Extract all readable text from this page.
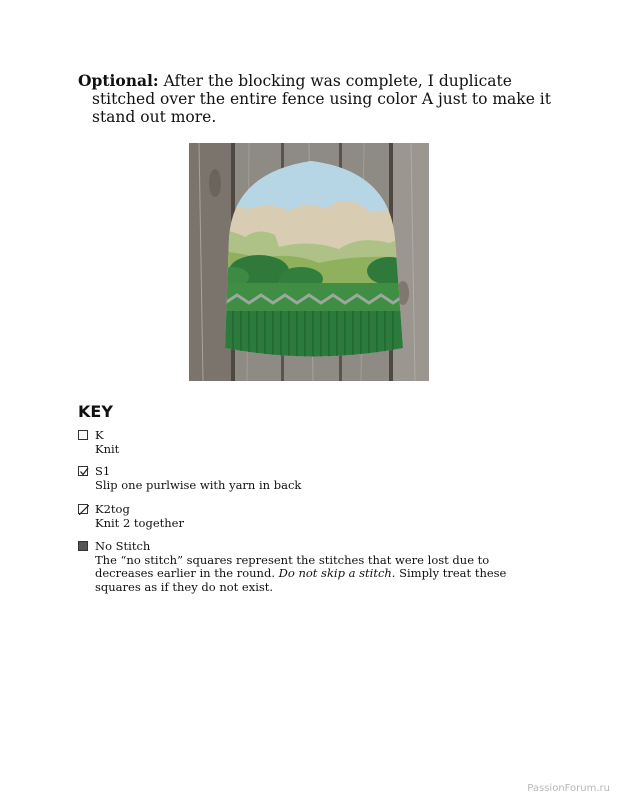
Optional: After the blocking was complete, I duplicate stitched over the entire fence using color A just to make it stand out more.
KEY
K
Knit
S1
Slip one purlwise with yarn in back
K2tog
Knit 2 together
No Stitch
The “no stitch” squares represent the stitches that were lost due to decreases earlier in the round. Do not skip a stitch. Simply treat these squares as if they do not exist.
PassionForum.ru
